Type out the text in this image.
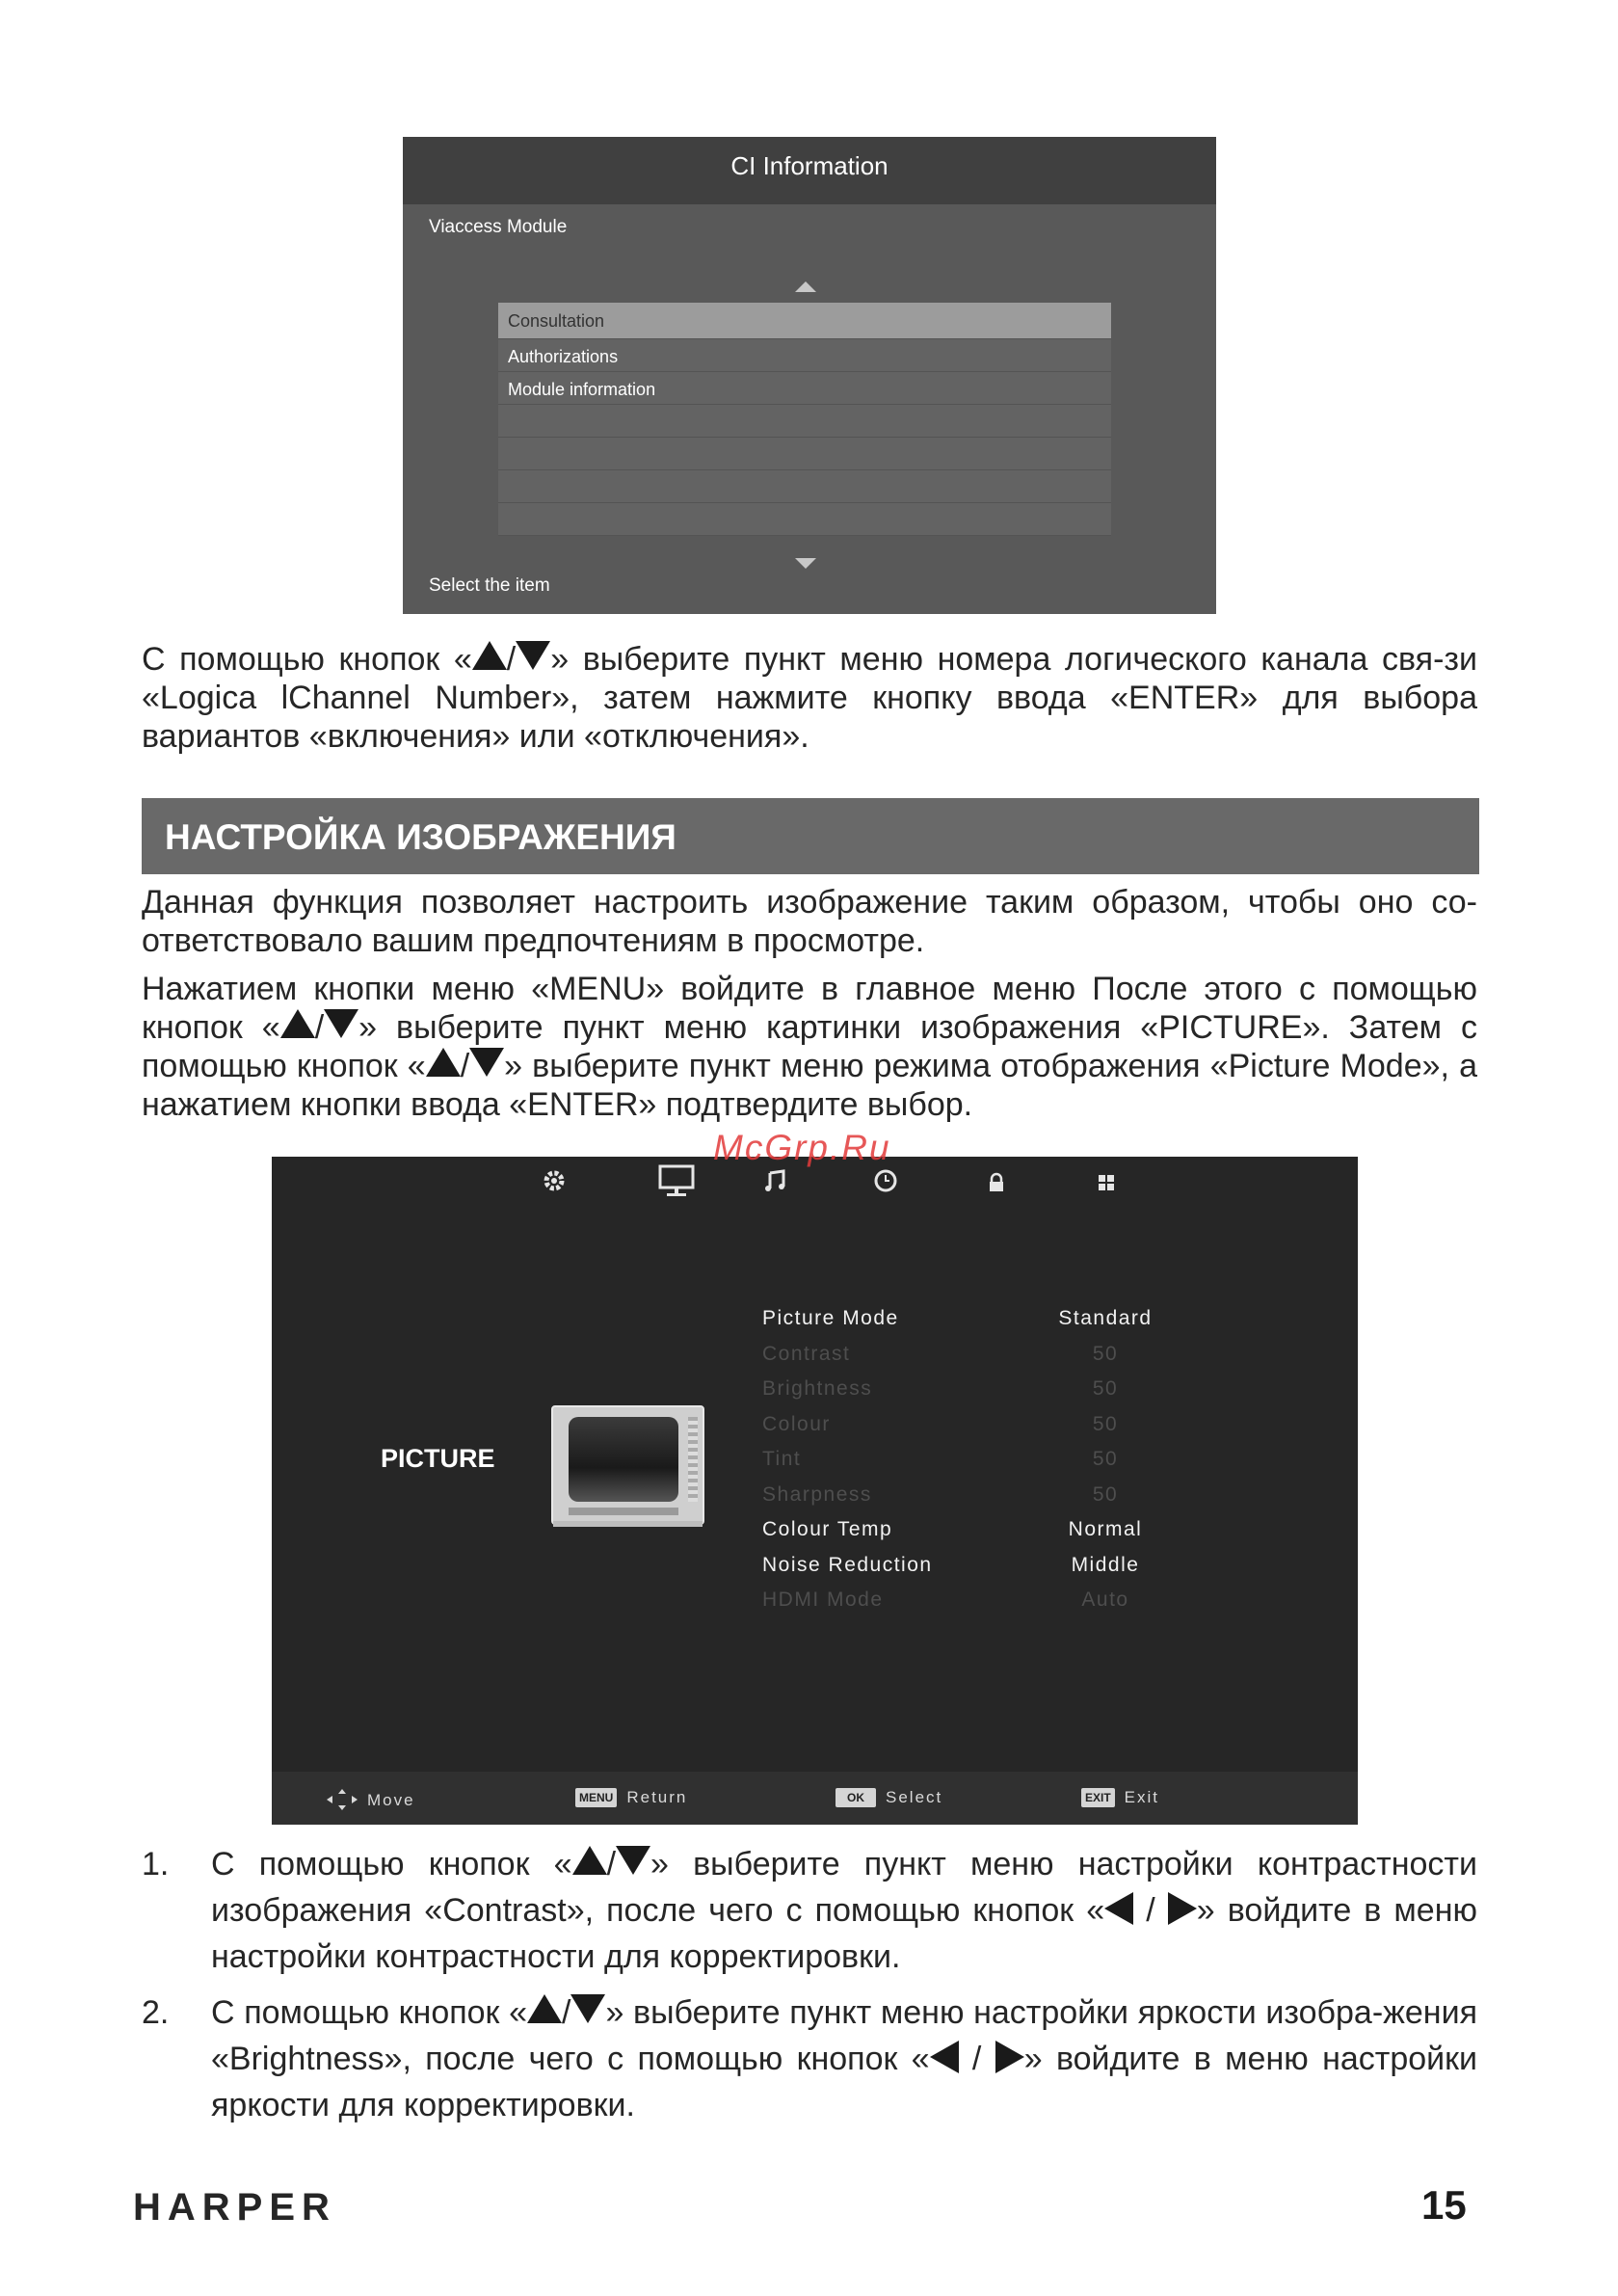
CI Information
Viaccess Module
Consultation
Authorizations
Module information
Select the item
С помощью кнопок « / » выберите пункт меню номера логического канала свя-зи «Logica lChannel Number», затем нажмите кнопку ввода «ENTER» для выбора вариантов «включения» или «отключения».
НАСТРОЙКА ИЗОБРАЖЕНИЯ
Данная функция позволяет настроить изображение таким образом, чтобы оно со-ответствовало вашим предпочтениям в просмотре.
Нажатием кнопки меню «MENU» войдите в главное меню После этого с помощью кнопок « / » выберите пункт меню картинки изображения «PICTURE». Затем с помощью кнопок « / » выберите пункт меню режима отображения «Picture Mode», а нажатием кнопки ввода «ENTER» подтвердите выбор.
PICTURE
Picture Mode	Standard
Contrast	50
Brightness	50
Colour	50
Tint	50
Sharpness	50
Colour Temp	Normal
Noise Reduction	Middle
HDMI Mode	Auto
Move	MENU Return	OK Select	EXIT Exit
McGrp.Ru
1. С помощью кнопок « / » выберите пункт меню настройки контрастности изображения «Contrast», после чего с помощью кнопок « / » войдите в меню настройки контрастности для корректировки.
2. С помощью кнопок « / » выберите пункт меню настройки яркости изобра-жения «Brightness», после чего с помощью кнопок « / » войдите в меню настройки яркости для корректировки.
HARPER	15
